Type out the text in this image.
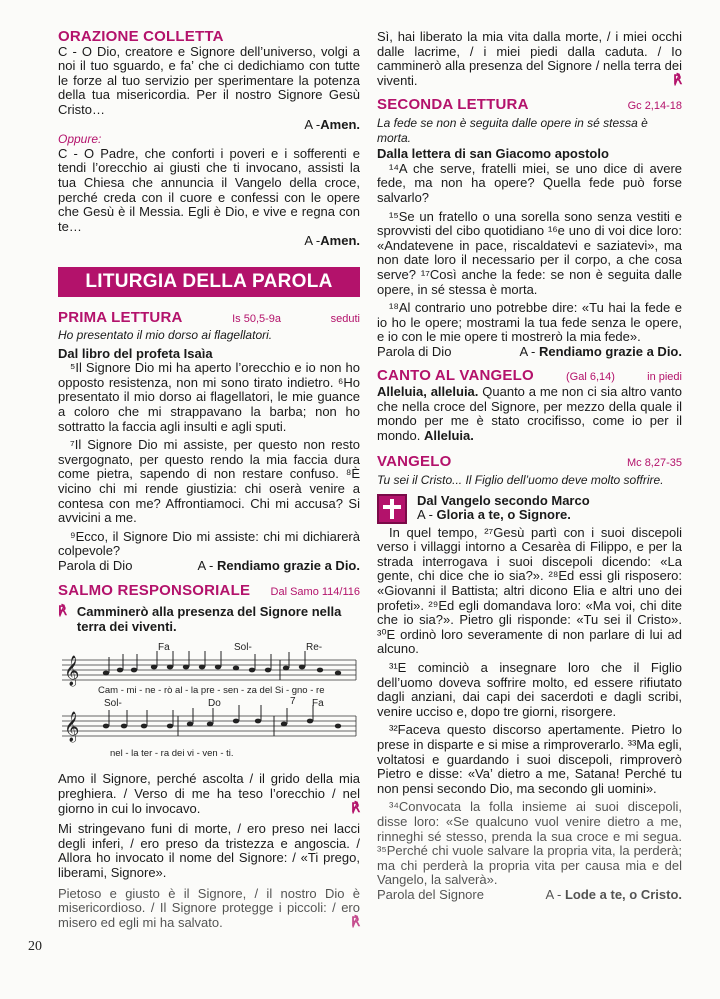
ORAZIONE COLLETTA

C - O Dio, creatore e Signore dell’universo, volgi a noi il tuo sguardo, e fa’ che ci dedichiamo con tutte le forze al tuo servizio per sperimentare la potenza della tua misericordia. Per il nostro Signore Gesù Cristo…

A - Amen.
Oppure:

C - O Padre, che conforti i poveri e i sofferenti e tendi l’orecchio ai giusti che ti invocano, assisti la tua Chiesa che annuncia il Vangelo della croce, perché creda con il cuore e confessi con le opere che Gesù è il Messia. Egli è Dio, e vive e regna con te…

A - Amen.
LITURGIA DELLA PAROLA
PRIMA LETTURA	Is 50,5-9a	seduti
Ho presentato il mio dorso ai flagellatori.
Dal libro del profeta Isaìa

⁵Il Signore Dio mi ha aperto l’orecchio e io non ho opposto resistenza, non mi sono tirato indietro. ⁶Ho presentato il mio dorso ai flagellatori, le mie guance a coloro che mi strappavano la barba; non ho sottratto la faccia agli insulti e agli sputi.

⁷Il Signore Dio mi assiste, per questo non resto svergognato, per questo rendo la mia faccia dura come pietra, sapendo di non restare confuso. ⁸È vicino chi mi rende giustizia: chi oserà venire a contesa con me? Affrontiamoci. Chi mi accusa? Si avvicini a me.

⁹Ecco, il Signore Dio mi assiste: chi mi dichiarerà colpevole?

Parola di Dio	A - Rendiamo grazie a Dio.
SALMO RESPONSORIALE Dal Samo 114/116
℟ Camminerò alla presenza del Signore nella terra dei viventi.
𝄞
𝄞
Fa	Sol-	Re-
Cam - mi - ne - rò al - la pre - sen - za del Si - gno - re
Sol-	Do	7 Fa
nel - la ter - ra dei vi - ven - ti.

Amo il Signore, perché ascolta / il grido della mia preghiera. / Verso di me ha teso l’orecchio / nel giorno in cui lo invocavo.	℟

Mi stringevano funi di morte, / ero preso nei lacci degli inferi, / ero preso da tristezza e angoscia. / Allora ho invocato il nome del Signore: / «Ti prego, liberami, Signore».

Pietoso e giusto è il Signore, / il nostro Dio è misericordioso. / Il Signore protegge i piccoli: / ero misero ed egli mi ha salvato.	℟

20

Sì, hai liberato la mia vita dalla morte, / i miei occhi dalle lacrime, / i miei piedi dalla caduta. / Io camminerò alla presenza del Signore / nella terra dei viventi.	℟

SECONDA LETTURA	Gc 2,14-18
La fede se non è seguita dalle opere in sé stessa è morta.
Dalla lettera di san Giacomo apostolo

¹⁴A che serve, fratelli miei, se uno dice di avere fede, ma non ha opere? Quella fede può forse salvarlo?

¹⁵Se un fratello o una sorella sono senza vestiti e sprovvisti del cibo quotidiano ¹⁶e uno di voi dice loro: «Andatevene in pace, riscaldatevi e saziatevi», ma non date loro il necessario per il corpo, a che cosa serve? ¹⁷Così anche la fede: se non è seguita dalle opere, in sé stessa è morta.

¹⁸Al contrario uno potrebbe dire: «Tu hai la fede e io ho le opere; mostrami la tua fede senza le opere, e io con le mie opere ti mostrerò la mia fede».

Parola di Dio	A - Rendiamo grazie a Dio.
CANTO AL VANGELO	(Gal 6,14)	in piedi

Alleluia, alleluia. Quanto a me non ci sia altro vanto che nella croce del Signore, per mezzo della quale il mondo per me è stato crocifisso, come io per il mondo. Alleluia.

VANGELO	Mc 8,27-35
Tu sei il Cristo... Il Figlio dell’uomo deve molto soffrire.
Dal Vangelo secondo Marco
A - Gloria a te, o Signore.

In quel tempo, ²⁷Gesù partì con i suoi discepoli verso i villaggi intorno a Cesarèa di Filippo, e per la strada interrogava i suoi discepoli dicendo: «La gente, chi dice che io sia?». ²⁸Ed essi gli risposero: «Giovanni il Battista; altri dicono Elia e altri uno dei profeti». ²⁹Ed egli domandava loro: «Ma voi, chi dite che io sia?». Pietro gli risponde: «Tu sei il Cristo». ³⁰E ordinò loro severamente di non parlare di lui ad alcuno.

³¹E cominciò a insegnare loro che il Figlio dell’uomo doveva soffrire molto, ed essere rifiutato dagli anziani, dai capi dei sacerdoti e dagli scribi, venire ucciso e, dopo tre giorni, risorgere.

³²Faceva questo discorso apertamente. Pietro lo prese in disparte e si mise a rimproverarlo. ³³Ma egli, voltatosi e guardando i suoi discepoli, rimproverò Pietro e disse: «Va’ dietro a me, Satana! Perché tu non pensi secondo Dio, ma secondo gli uomini».

³⁴Convocata la folla insieme ai suoi discepoli, disse loro: «Se qualcuno vuol venire dietro a me, rinneghi sé stesso, prenda la sua croce e mi segua. ³⁵Perché chi vuole salvare la propria vita, la perderà; ma chi perderà la propria vita per causa mia e del Vangelo, la salverà».

Parola del Signore	A - Lode a te, o Cristo.
